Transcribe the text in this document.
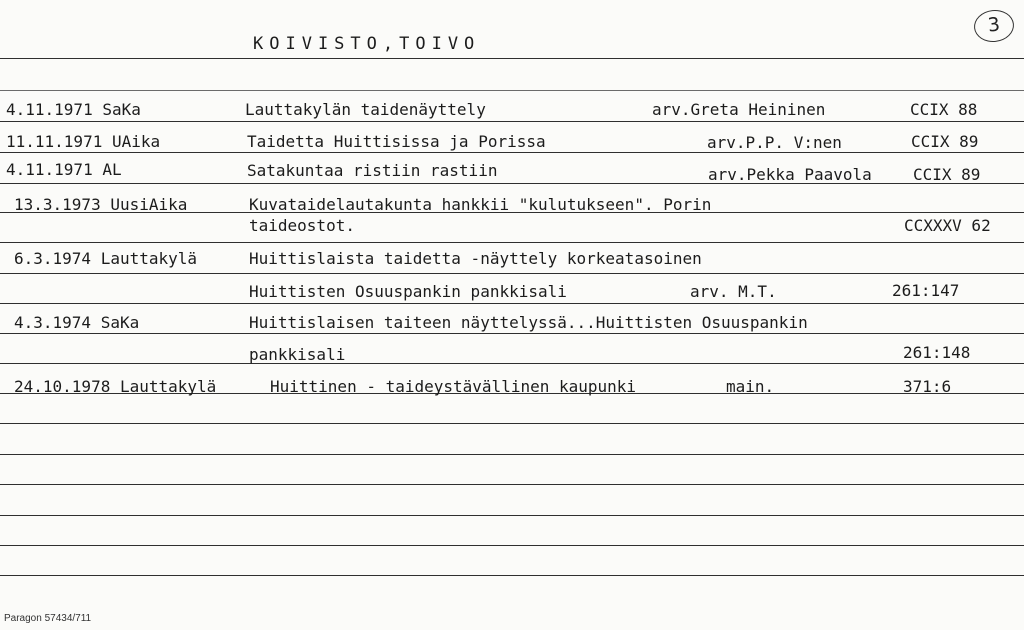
KOIVISTO,TOIVO
3
4.11.1971 SaKa	Lauttakylän taidenäyttely	arv.Greta Heininen	CCIX 88
11.11.1971 UAika	Taidetta Huittisissa ja Porissa	arv.P.P. V:nen	CCIX 89
4.11.1971 AL	Satakuntaa ristiin rastiin	arv.Pekka Paavola	CCIX 89
13.3.1973 UusiAika	Kuvataidelautakunta hankkii "kulutukseen". Porin
taideostot.	CCXXXV 62
6.3.1974 Lauttakylä	Huittislaista taidetta -näyttely korkeatasoinen
Huittisten Osuuspankin pankkisali	arv. M.T.	261:147
4.3.1974 SaKa	Huittislaisen taiteen näyttelyssä...Huittisten Osuuspankin
pankkisali	261:148
24.10.1978 Lauttakylä	Huittinen - taideystävällinen kaupunki	main.	371:6
Paragon 57434/711
